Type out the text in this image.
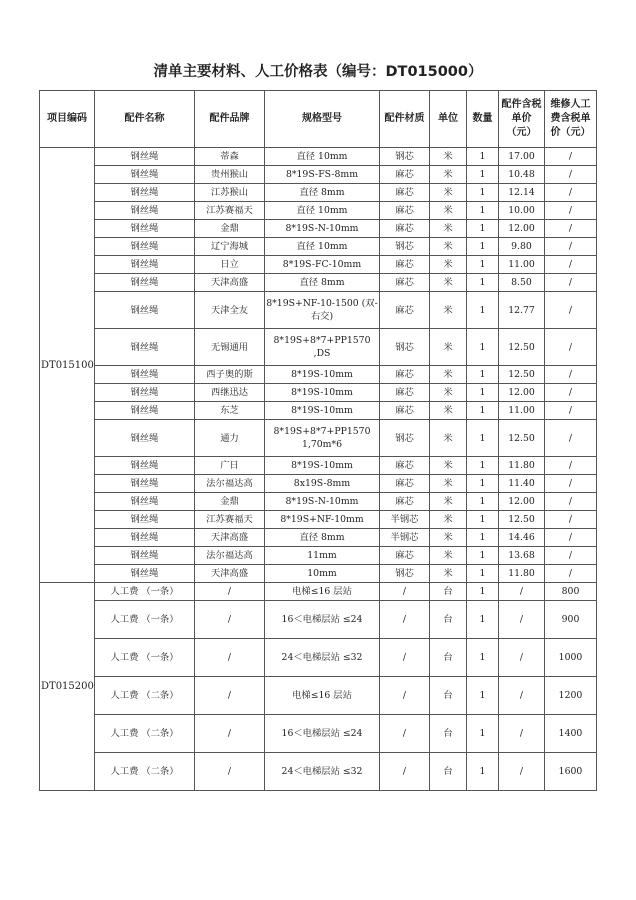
清单主要材料、人工价格表（编号：DT015000）
项目编码	配件名称	配件品牌	规格型号	配件材质	单位	数量	配件含税单价（元）	维修人工费含税单价（元）
DT015100	钢丝绳	蒂森	直径 10mm	钢芯	米	1	17.00	/
	钢丝绳	贵州猴山	8*19S-FS-8mm	麻芯	米	1	10.48	/
	钢丝绳	江苏猴山	直径 8mm	麻芯	米	1	12.14	/
	钢丝绳	江苏赛福天	直径 10mm	麻芯	米	1	10.00	/
	钢丝绳	金鼎	8*19S-N-10mm	麻芯	米	1	12.00	/
	钢丝绳	辽宁海城	直径 10mm	钢芯	米	1	9.80	/
	钢丝绳	日立	8*19S-FC-10mm	麻芯	米	1	11.00	/
	钢丝绳	天津高盛	直径 8mm	麻芯	米	1	8.50	/
	钢丝绳	天津全友	8*19S+NF-10-1500 (双-右交)	麻芯	米	1	12.77	/
	钢丝绳	无锡通用	8*19S+8*7+PP1570 ,DS	钢芯	米	1	12.50	/
	钢丝绳	西子奥的斯	8*19S-10mm	麻芯	米	1	12.50	/
	钢丝绳	西继迅达	8*19S-10mm	麻芯	米	1	12.00	/
	钢丝绳	东芝	8*19S-10mm	麻芯	米	1	11.00	/
	钢丝绳	通力	8*19S+8*7+PP1570 1,70m*6	钢芯	米	1	12.50	/
	钢丝绳	广日	8*19S-10mm	麻芯	米	1	11.80	/
	钢丝绳	法尔福达高	8x19S-8mm	麻芯	米	1	11.40	/
	钢丝绳	金鼎	8*19S-N-10mm	麻芯	米	1	12.00	/
	钢丝绳	江苏赛福天	8*19S+NF-10mm	半钢芯	米	1	12.50	/
	钢丝绳	天津高盛	直径 8mm	半钢芯	米	1	14.46	/
	钢丝绳	法尔福达高	11mm	麻芯	米	1	13.68	/
	钢丝绳	天津高盛	10mm	钢芯	米	1	11.80	/
DT015200	人工费 （一条）	/	电梯≤16 层站	/	台	1	/	800
	人工费 （一条）	/	16＜电梯层站 ≤24	/	台	1	/	900
	人工费 （一条）	/	24＜电梯层站 ≤32	/	台	1	/	1000
	人工费 （二条）	/	电梯≤16 层站	/	台	1	/	1200
	人工费 （二条）	/	16＜电梯层站 ≤24	/	台	1	/	1400
	人工费 （二条）	/	24＜电梯层站 ≤32	/	台	1	/	1600
